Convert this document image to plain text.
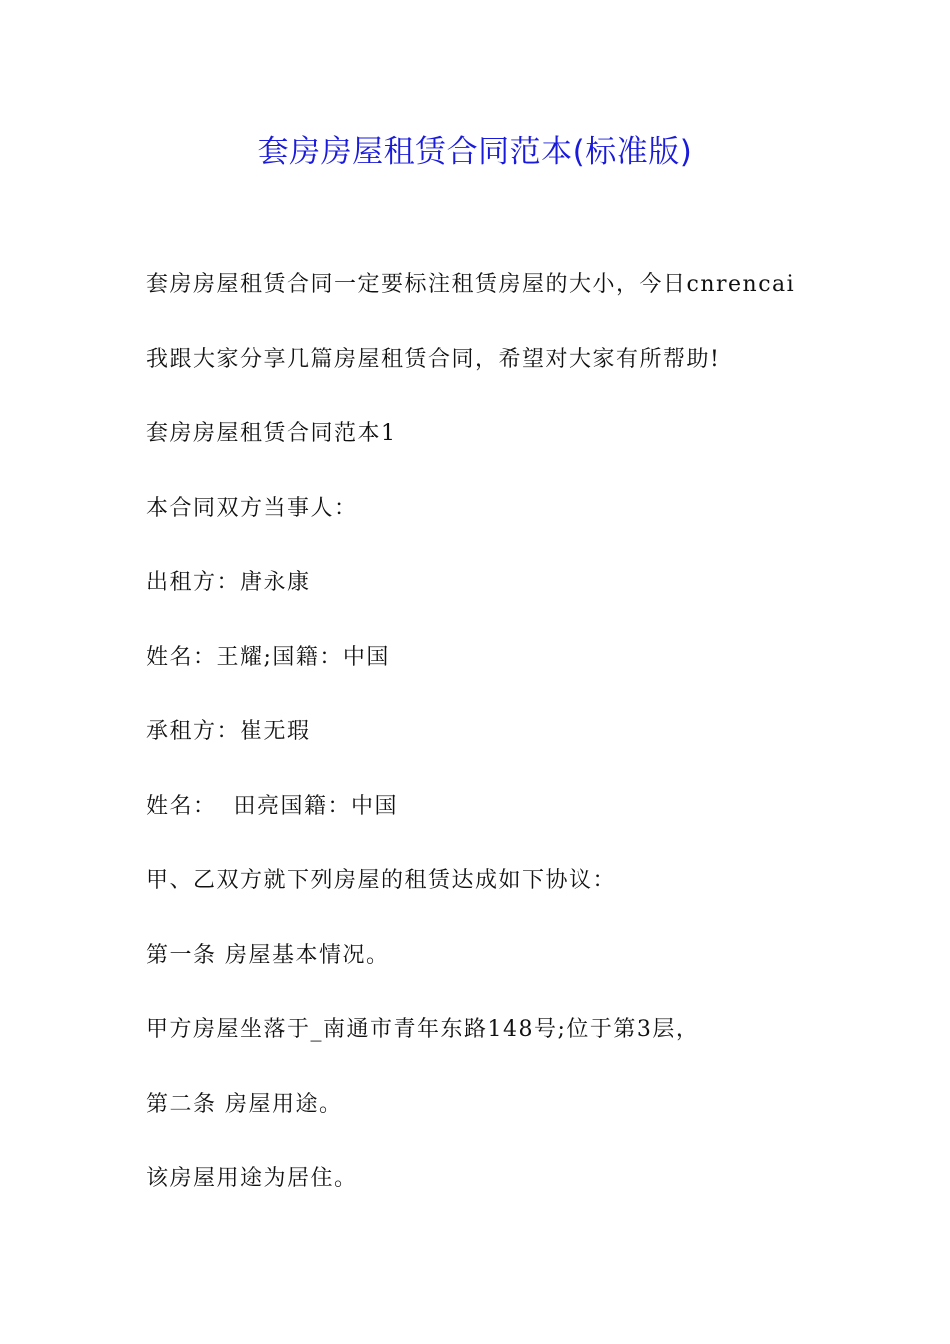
套房房屋租赁合同范本(标准版)

套房房屋租赁合同一定要标注租赁房屋的大小，今日cnrencai

我跟大家分享几篇房屋租赁合同，希望对大家有所帮助!

套房房屋租赁合同范本1

本合同双方当事人：

出租方：唐永康

姓名：王耀;国籍：中国

承租方：崔无瑕

姓名：  田亮国籍：中国

甲、乙双方就下列房屋的租赁达成如下协议：

第一条 房屋基本情况。

甲方房屋坐落于_南通市青年东路148号;位于第3层，

第二条 房屋用途。

该房屋用途为居住。
